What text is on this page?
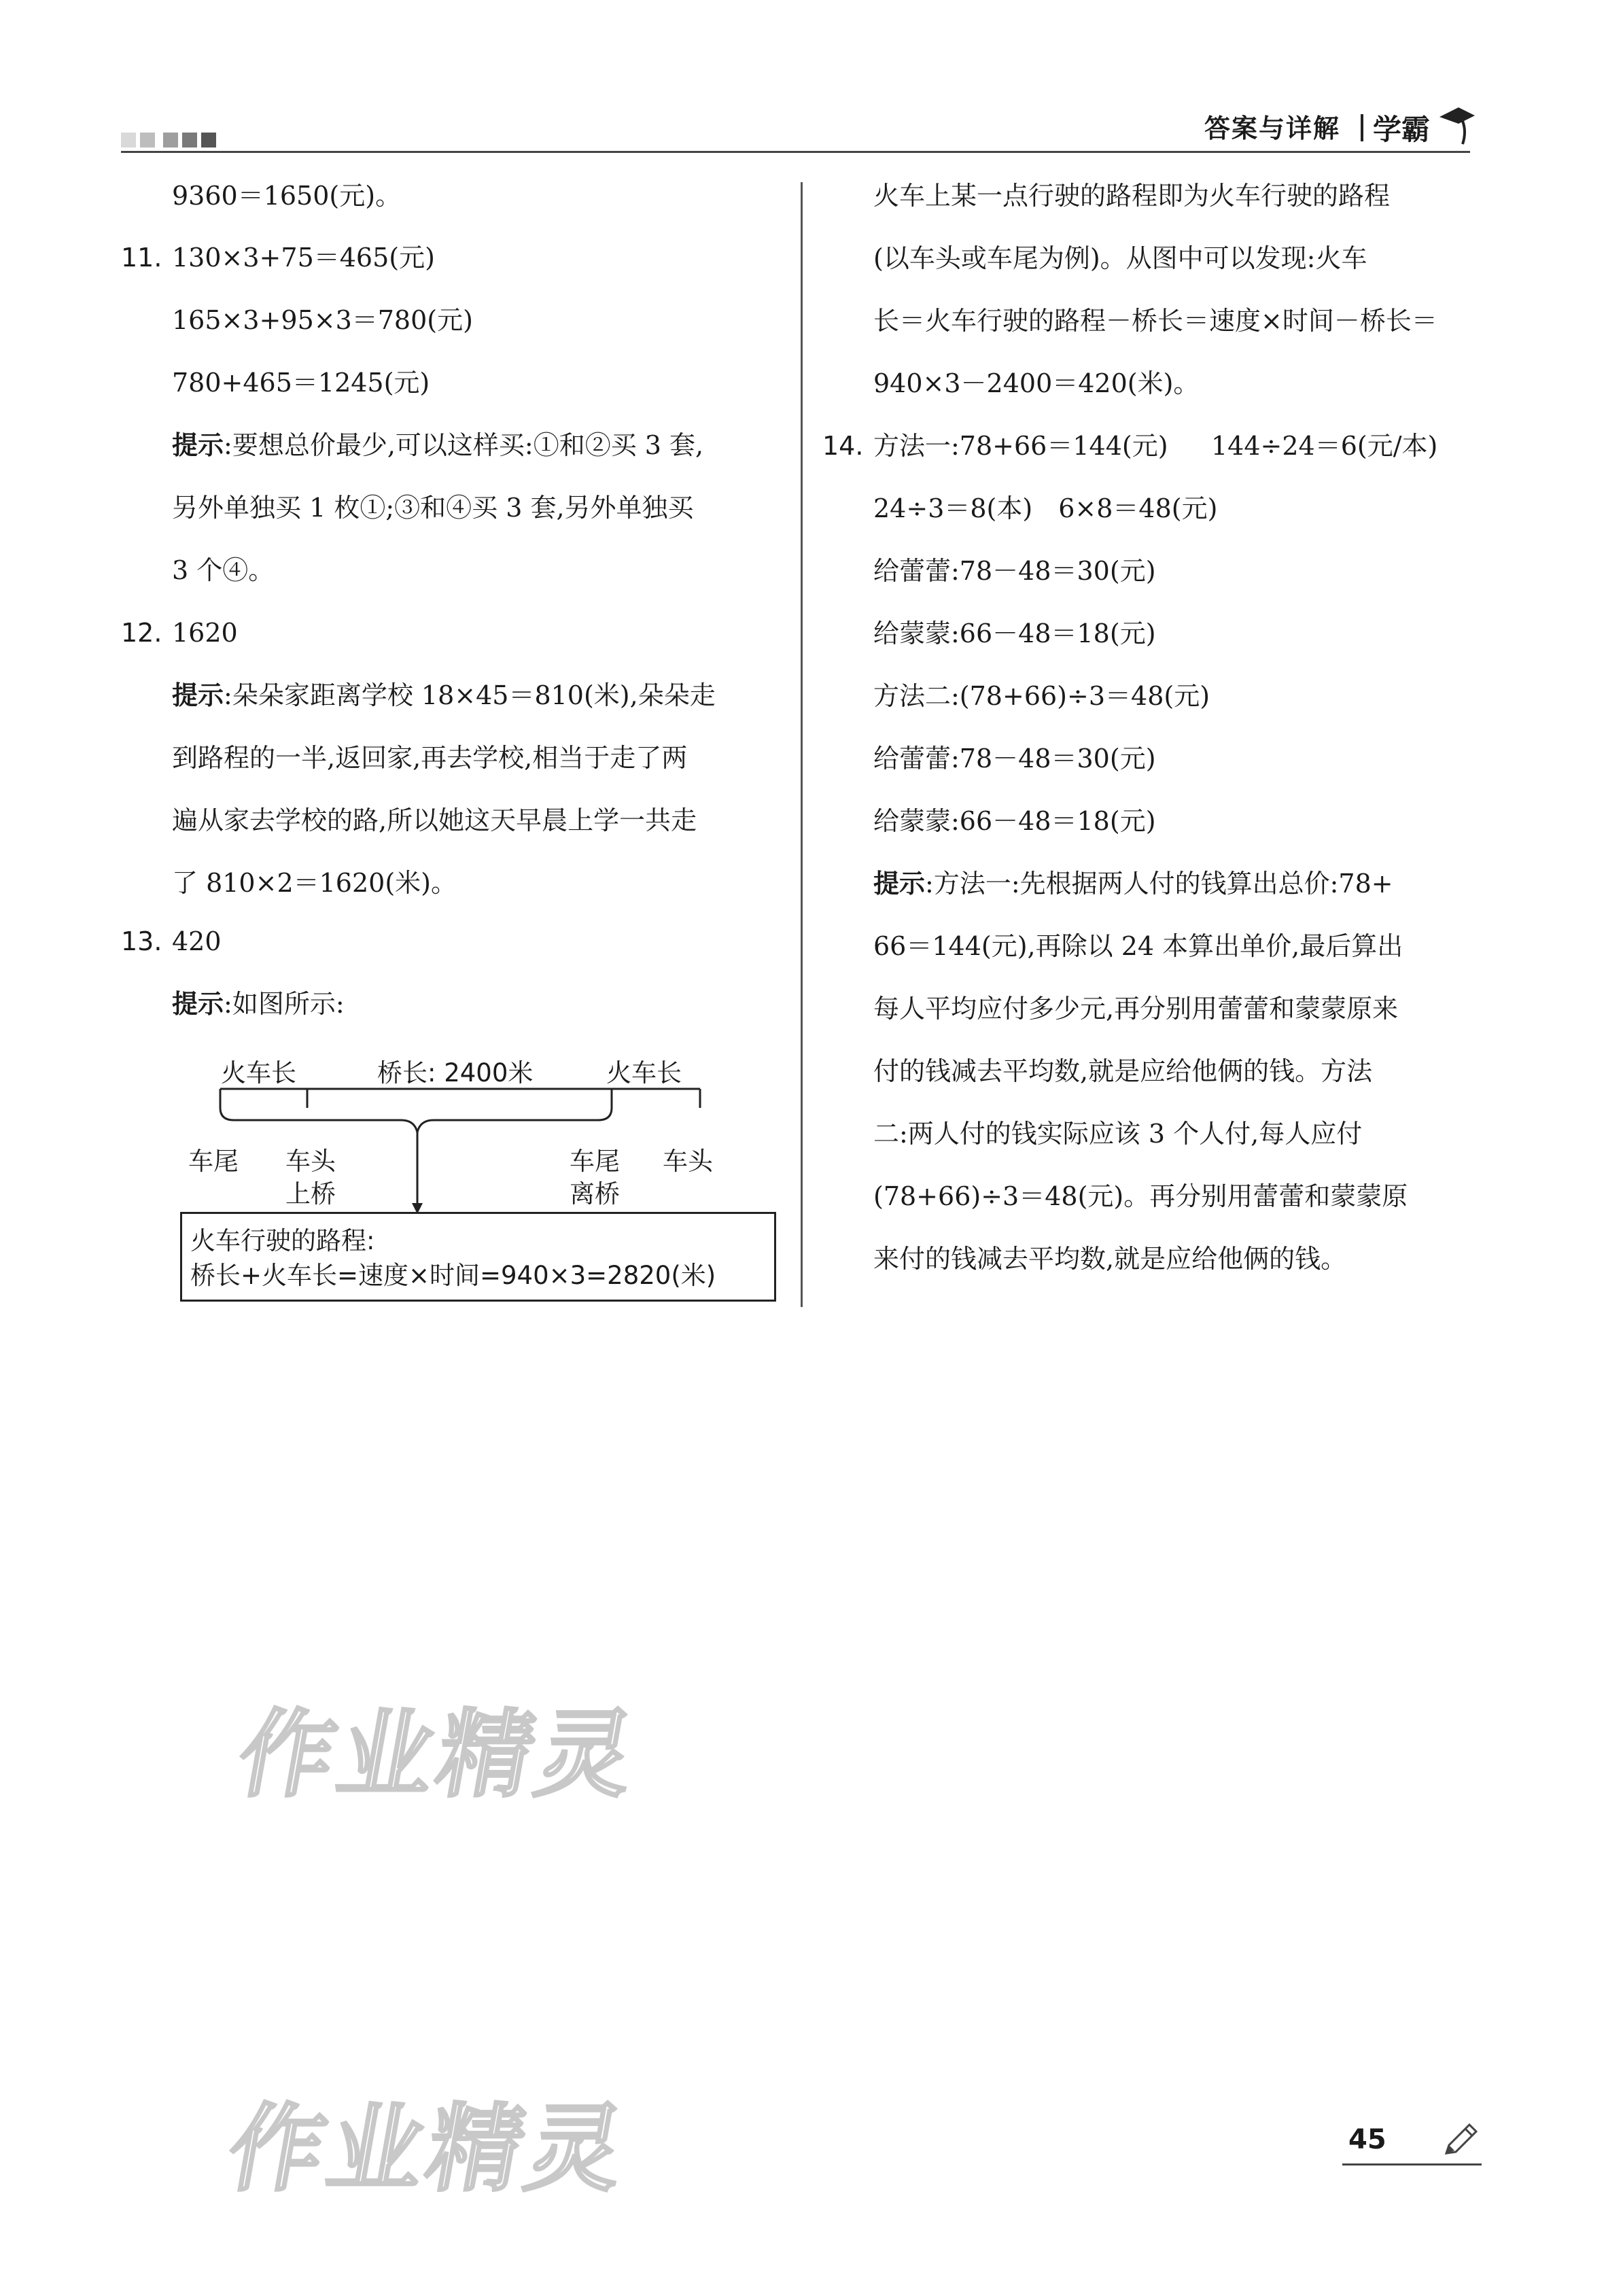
答案与详解 学霸
9360＝1650(元)。
11. 130×3+75＝465(元)
165×3+95×3＝780(元)
780+465＝1245(元)
提示:要想总价最少,可以这样买:①和②买 3 套,
另外单独买 1 枚①;③和④买 3 套,另外单独买
3 个④。
12. 1620
提示:朵朵家距离学校 18×45＝810(米),朵朵走
到路程的一半,返回家,再去学校,相当于走了两
遍从家去学校的路,所以她这天早晨上学一共走
了 810×2＝1620(米)。
13. 420
提示:如图所示:
火车长	桥长: 2400米	火车长
车尾 车头
上桥
车尾
离桥
车头
火车行驶的路程:
桥长+火车长=速度×时间=940×3=2820(米)
火车上某一点行驶的路程即为火车行驶的路程
(以车头或车尾为例)。从图中可以发现:火车
长＝火车行驶的路程－桥长＝速度×时间－桥长＝
940×3－2400＝420(米)。
14. 方法一:78+66＝144(元) 144÷24＝6(元/本)
24÷3＝8(本)　6×8＝48(元)
给蕾蕾:78－48＝30(元)
给蒙蒙:66－48＝18(元)
方法二:(78+66)÷3＝48(元)
给蕾蕾:78－48＝30(元)
给蒙蒙:66－48＝18(元)
提示:方法一:先根据两人付的钱算出总价:78+
66＝144(元),再除以 24 本算出单价,最后算出
每人平均应付多少元,再分别用蕾蕾和蒙蒙原来
付的钱减去平均数,就是应给他俩的钱。方法
二:两人付的钱实际应该 3 个人付,每人应付
(78+66)÷3＝48(元)。再分别用蕾蕾和蒙蒙原
来付的钱减去平均数,就是应给他俩的钱。
作业精灵
作业精灵	45
